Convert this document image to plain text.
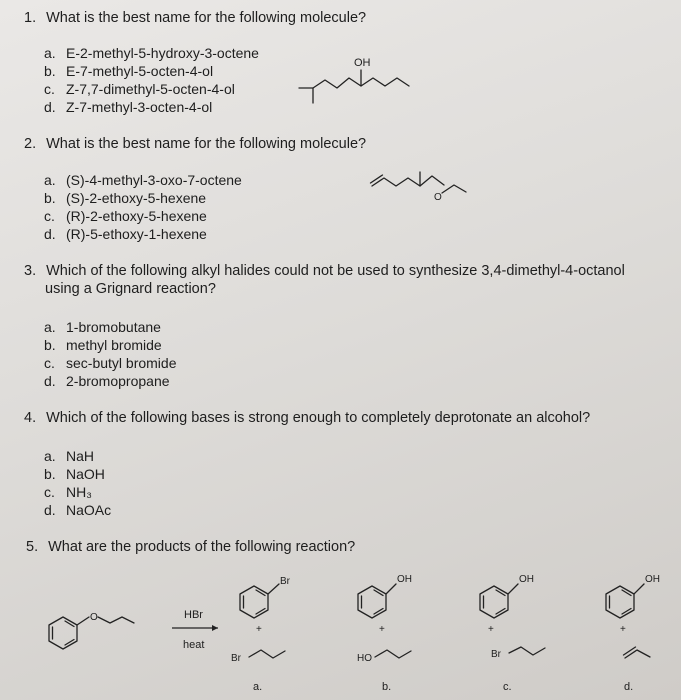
1. What is the best name for the following molecule?
a. E-2-methyl-5-hydroxy-3-octene
b. E-7-methyl-5-octen-4-ol
c. Z-7,7-dimethyl-5-octen-4-ol
d. Z-7-methyl-3-octen-4-ol
OH
2. What is the best name for the following molecule?
a. (S)-4-methyl-3-oxo-7-octene
b. (S)-2-ethoxy-5-hexene
c. (R)-2-ethoxy-5-hexene
d. (R)-5-ethoxy-1-hexene
O
3. Which of the following alkyl halides could not be used to synthesize 3,4-dimethyl-4-octanol
using a Grignard reaction?
a. 1-bromobutane
b. methyl bromide
c. sec-butyl bromide
d. 2-bromopropane
4. Which of the following bases is strong enough to completely deprotonate an alcohol?
a. NaH
b. NaOH
c. NH₃
d. NaOAc
5. What are the products of the following reaction?
O	HBr
heat
Br
+
Br
a.
OH
+
HO
b.
OH
+
Br
c.
OH
+
d.
